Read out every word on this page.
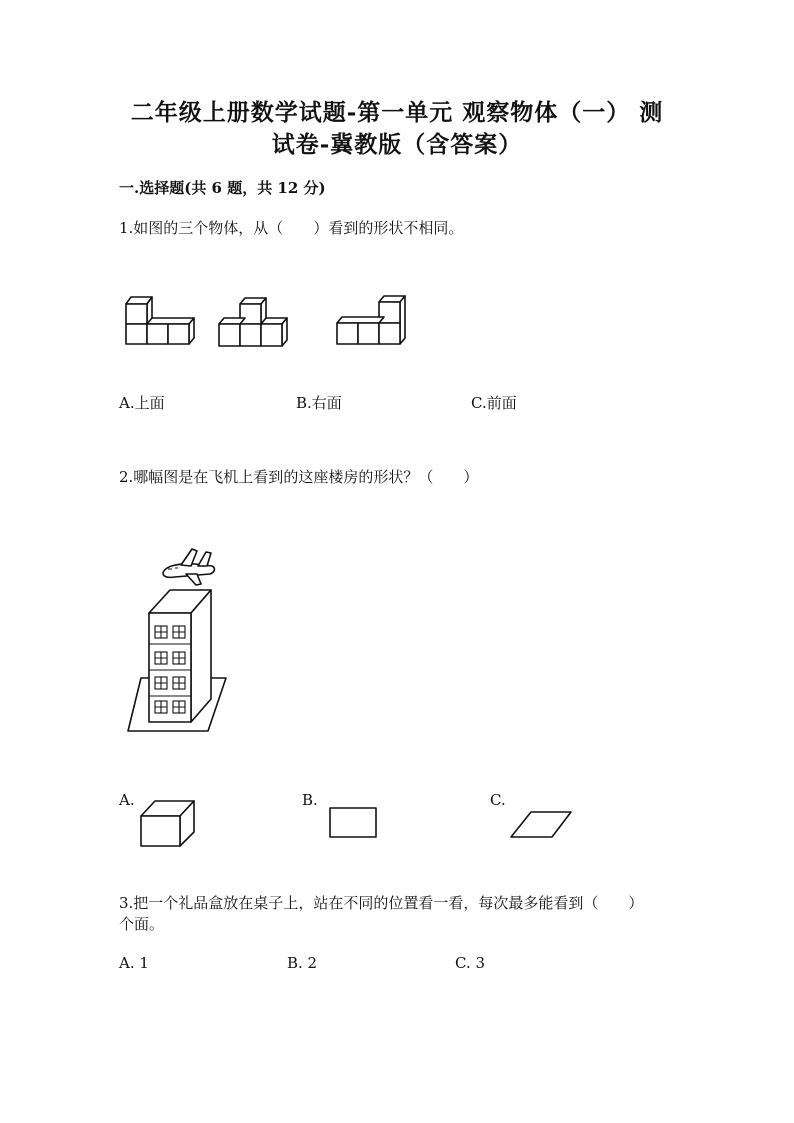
二年级上册数学试题-第一单元 观察物体（一） 测
试卷-冀教版（含答案）
一.选择题(共 6 题，共 12 分)
1.如图的三个物体，从（　　）看到的形状不相同。
A.上面	B.右面	C.前面
2.哪幅图是在飞机上看到的这座楼房的形状？（　　）
A.	B.	C.
3.把一个礼品盒放在桌子上，站在不同的位置看一看，每次最多能看到（　　）
个面。
A. 1	B. 2	C. 3
